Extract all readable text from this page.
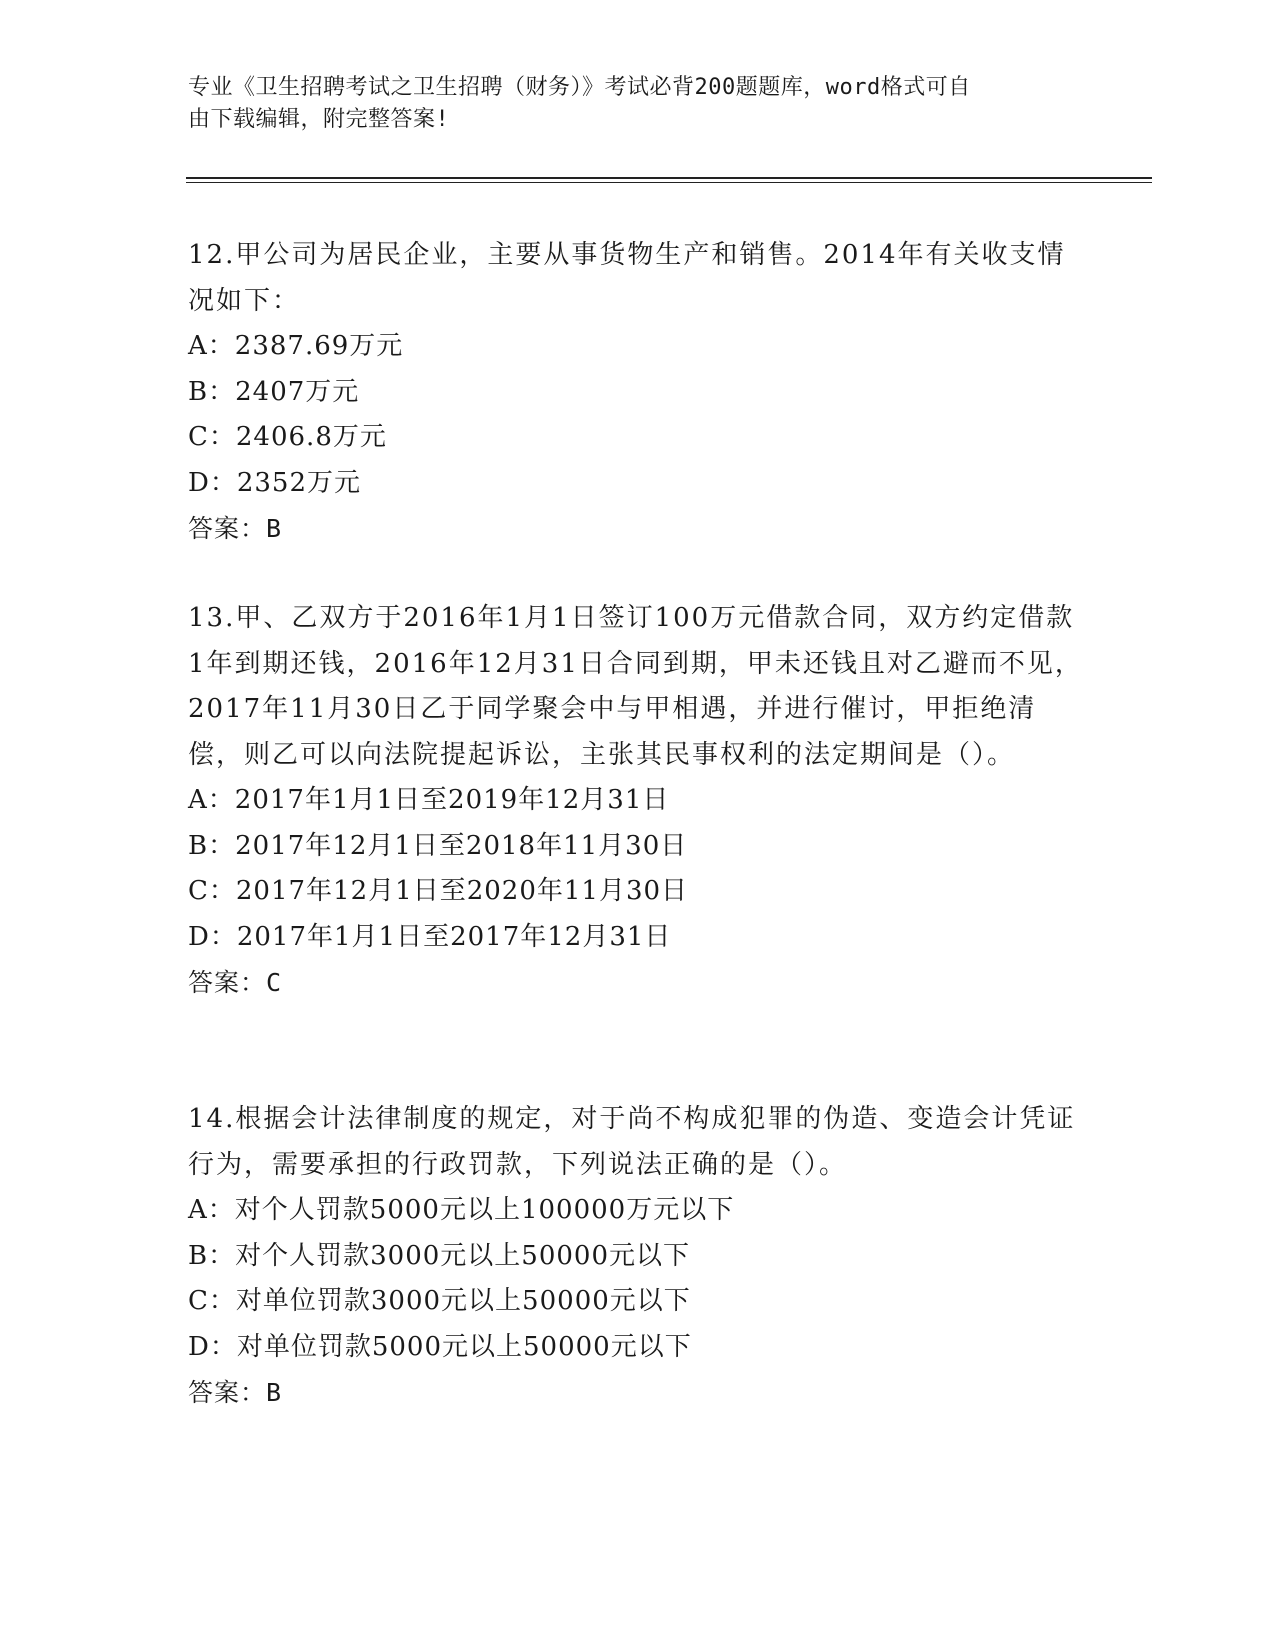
专业《卫生招聘考试之卫生招聘（财务）》考试必背200题题库，word格式可自
由下载编辑，附完整答案!
12.甲公司为居民企业，主要从事货物生产和销售。2014年有关收支情况如下：
A：2387.69万元
B：2407万元
C：2406.8万元
D：2352万元
答案：B
13.甲、乙双方于2016年1月1日签订100万元借款合同，双方约定借款1年到期还钱，2016年12月31日合同到期，甲未还钱且对乙避而不见，2017年11月30日乙于同学聚会中与甲相遇，并进行催讨，甲拒绝清偿，则乙可以向法院提起诉讼，主张其民事权利的法定期间是（）。
A：2017年1月1日至2019年12月31日
B：2017年12月1日至2018年11月30日
C：2017年12月1日至2020年11月30日
D：2017年1月1日至2017年12月31日
答案：C
14.根据会计法律制度的规定，对于尚不构成犯罪的伪造、变造会计凭证行为，需要承担的行政罚款，下列说法正确的是（）。
A：对个人罚款5000元以上100000万元以下
B：对个人罚款3000元以上50000元以下
C：对单位罚款3000元以上50000元以下
D：对单位罚款5000元以上50000元以下
答案：B
